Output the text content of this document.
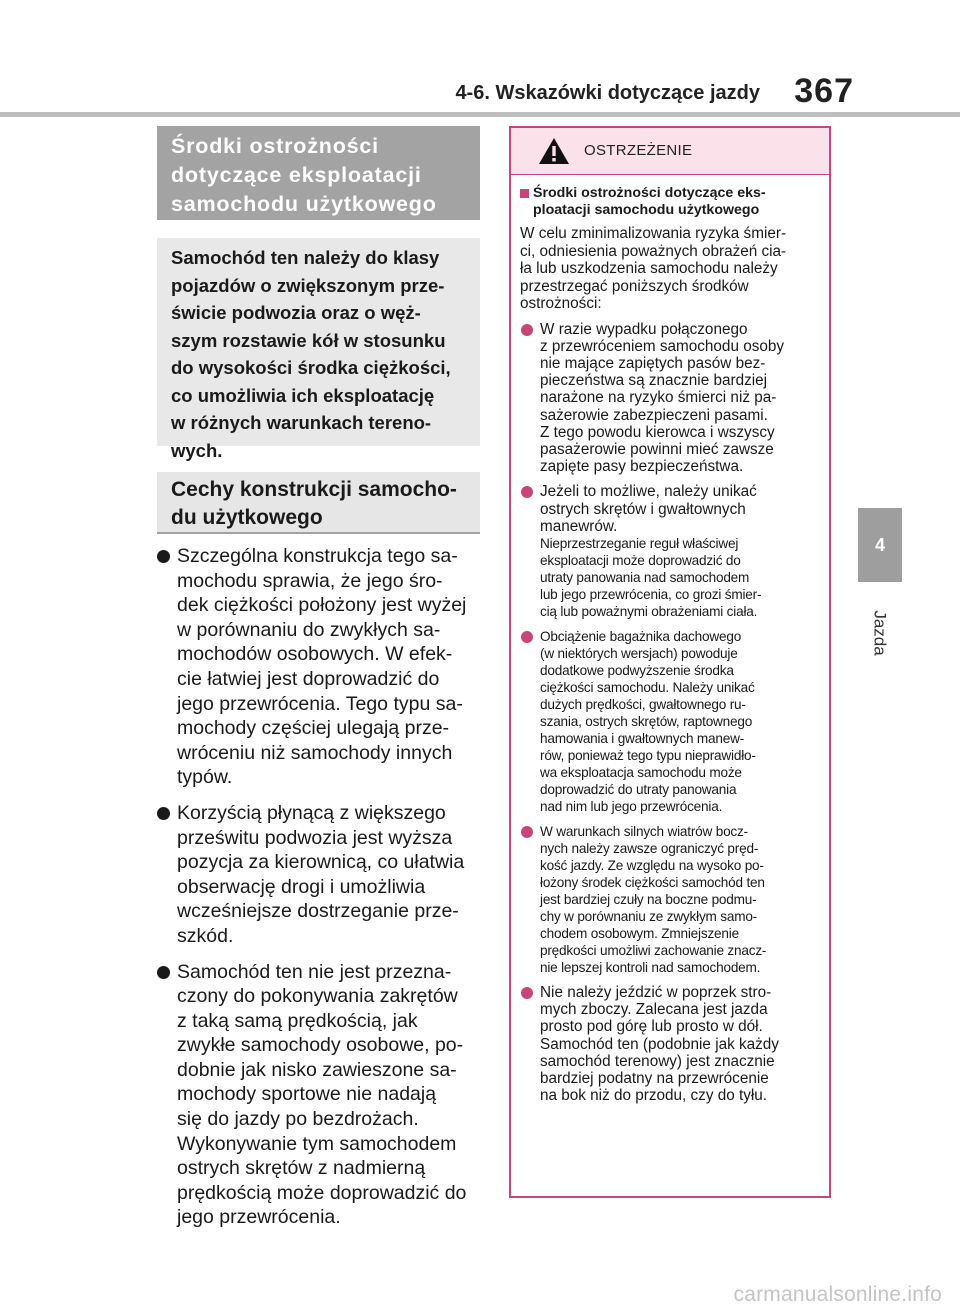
4-6. Wskazówki dotyczące jazdy 367
4
Jazda
Środki ostrożności
dotyczące eksploatacji
samochodu użytkowego
Samochód ten należy do klasy
pojazdów o zwiększonym prze-
świcie podwozia oraz o węż-
szym rozstawie kół w stosunku
do wysokości środka ciężkości,
co umożliwia ich eksploatację
w różnych warunkach tereno-
wych.
Cechy konstrukcji samocho-
du użytkowego
Szczególna konstrukcja tego sa-
mochodu sprawia, że jego śro-
dek ciężkości położony jest wyżej
w porównaniu do zwykłych sa-
mochodów osobowych. W efek-
cie łatwiej jest doprowadzić do
jego przewrócenia. Tego typu sa-
mochody częściej ulegają prze-
wróceniu niż samochody innych
typów.
Korzyścią płynącą z większego
prześwitu podwozia jest wyższa
pozycja za kierownicą, co ułatwia
obserwację drogi i umożliwia
wcześniejsze dostrzeganie prze-
szkód.
Samochód ten nie jest przezna-
czony do pokonywania zakrętów
z taką samą prędkością, jak
zwykłe samochody osobowe, po-
dobnie jak nisko zawieszone sa-
mochody sportowe nie nadają
się do jazdy po bezdrożach.
Wykonywanie tym samochodem
ostrych skrętów z nadmierną
prędkością może doprowadzić do
jego przewrócenia.
OSTRZEŻENIE
Środki ostrożności dotyczące eks-
ploatacji samochodu użytkowego
W celu zminimalizowania ryzyka śmier-
ci, odniesienia poważnych obrażeń cia-
ła lub uszkodzenia samochodu należy
przestrzegać poniższych środków
ostrożności:
W razie wypadku połączonego
z przewróceniem samochodu osoby
nie mające zapiętych pasów bez-
pieczeństwa są znacznie bardziej
narażone na ryzyko śmierci niż pa-
sażerowie zabezpieczeni pasami.
Z tego powodu kierowca i wszyscy
pasażerowie powinni mieć zawsze
zapięte pasy bezpieczeństwa.
Jeżeli to możliwe, należy unikać
ostrych skrętów i gwałtownych
manewrów.
Nieprzestrzeganie reguł właściwej
eksploatacji może doprowadzić do
utraty panowania nad samochodem
lub jego przewrócenia, co grozi śmier-
cią lub poważnymi obrażeniami ciała.
Obciążenie bagażnika dachowego
(w niektórych wersjach) powoduje
dodatkowe podwyższenie środka
ciężkości samochodu. Należy unikać
dużych prędkości, gwałtownego ru-
szania, ostrych skrętów, raptownego
hamowania i gwałtownych manew-
rów, ponieważ tego typu nieprawidło-
wa eksploatacja samochodu może
doprowadzić do utraty panowania
nad nim lub jego przewrócenia.
W warunkach silnych wiatrów bocz-
nych należy zawsze ograniczyć pręd-
kość jazdy. Ze względu na wysoko po-
łożony środek ciężkości samochód ten
jest bardziej czuły na boczne podmu-
chy w porównaniu ze zwykłym samo-
chodem osobowym. Zmniejszenie
prędkości umożliwi zachowanie znacz-
nie lepszej kontroli nad samochodem.
Nie należy jeździć w poprzek stro-
mych zboczy. Zalecana jest jazda
prosto pod górę lub prosto w dół.
Samochód ten (podobnie jak każdy
samochód terenowy) jest znacznie
bardziej podatny na przewrócenie
na bok niż do przodu, czy do tyłu.
carmanualsonline.info
